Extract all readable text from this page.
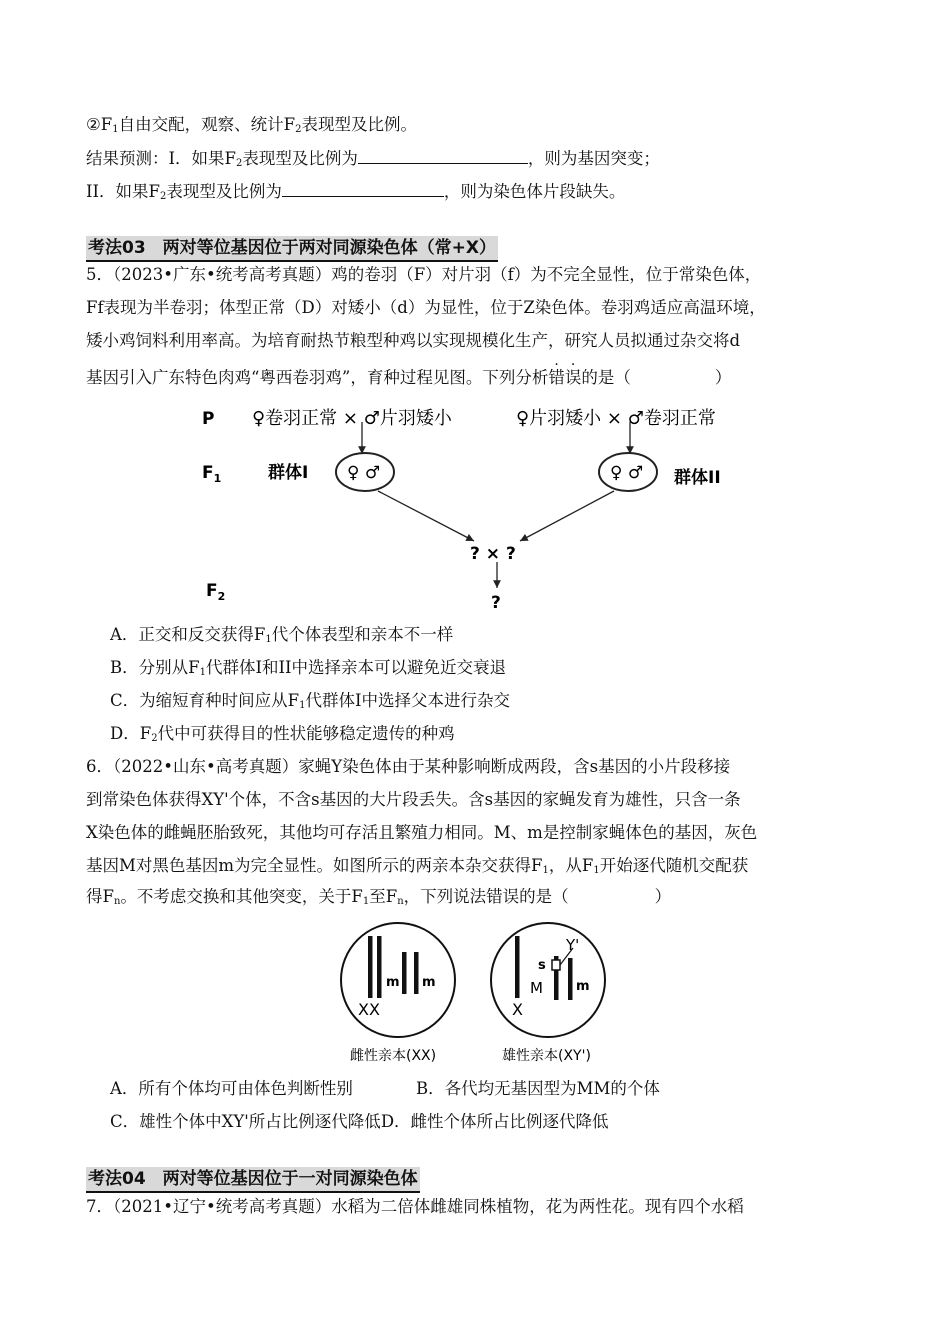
$②F_1$自由交配，观察、统计$F_2$表现型及比例。
结果预测：I．如果$F_2$表现型及比例为	，则为基因突变；
II．如果$F_2$表现型及比例为	，则为染色体片段缺失。
考法03　两对等位基因位于两对同源染色体（常+X）
5．（2023•广东•统考高考真题）鸡的卷羽（F）对片羽（f）为不完全显性，位于常染色体，
Ff表现为半卷羽；体型正常（D）对矮小（d）为显性，位于Z染色体。卷羽鸡适应高温环境，
矮小鸡饲料利用率高。为培育耐热节粮型种鸡以实现规模化生产，研究人员拟通过杂交将d
基因引入广东特色肉鸡“粤西卷羽鸡”，育种过程见图。下列分析错误的是（	）
P
$F_1$
$F_2$
♀卷羽正常 × ♂片羽矮小	♀片羽矮小 × ♂卷羽正常
♀ ♂	♀ ♂
群体I	群体II
? × ?
?
A．正交和反交获得$F_1$代个体表型和亲本不一样
B．分别从$F_1$代群体I和II中选择亲本可以避免近交衰退
C．为缩短育种时间应从$F_1$代群体I中选择父本进行杂交
D．$F_2$代中可获得目的性状能够稳定遗传的种鸡
6．（2022•山东•高考真题）家蝇Y染色体由于某种影响断成两段，含s基因的小片段移接
到常染色体获得XY'个体，不含s基因的大片段丢失。含s基因的家蝇发育为雄性，只含一条
X染色体的雌蝇胚胎致死，其他均可存活且繁殖力相同。M、m是控制家蝇体色的基因，灰色
基因M对黑色基因m为完全显性。如图所示的两亲本杂交获得$F_1$，从$F_1$开始逐代随机交配获
得$F_n$。不考虑交换和其他突变，关于$F_1$至$F_n$，下列说法错误的是（	）
XX
m m
X
s
Y'
M	m
雌性亲本(XX)	雄性亲本(XY')
A．所有个体均可由体色判断性别	B．各代均无基因型为MM的个体
C．雄性个体中XY'所占比例逐代降低D．雌性个体所占比例逐代降低
考法04　两对等位基因位于一对同源染色体
7．（2021•辽宁•统考高考真题）水稻为二倍体雌雄同株植物，花为两性花。现有四个水稻
